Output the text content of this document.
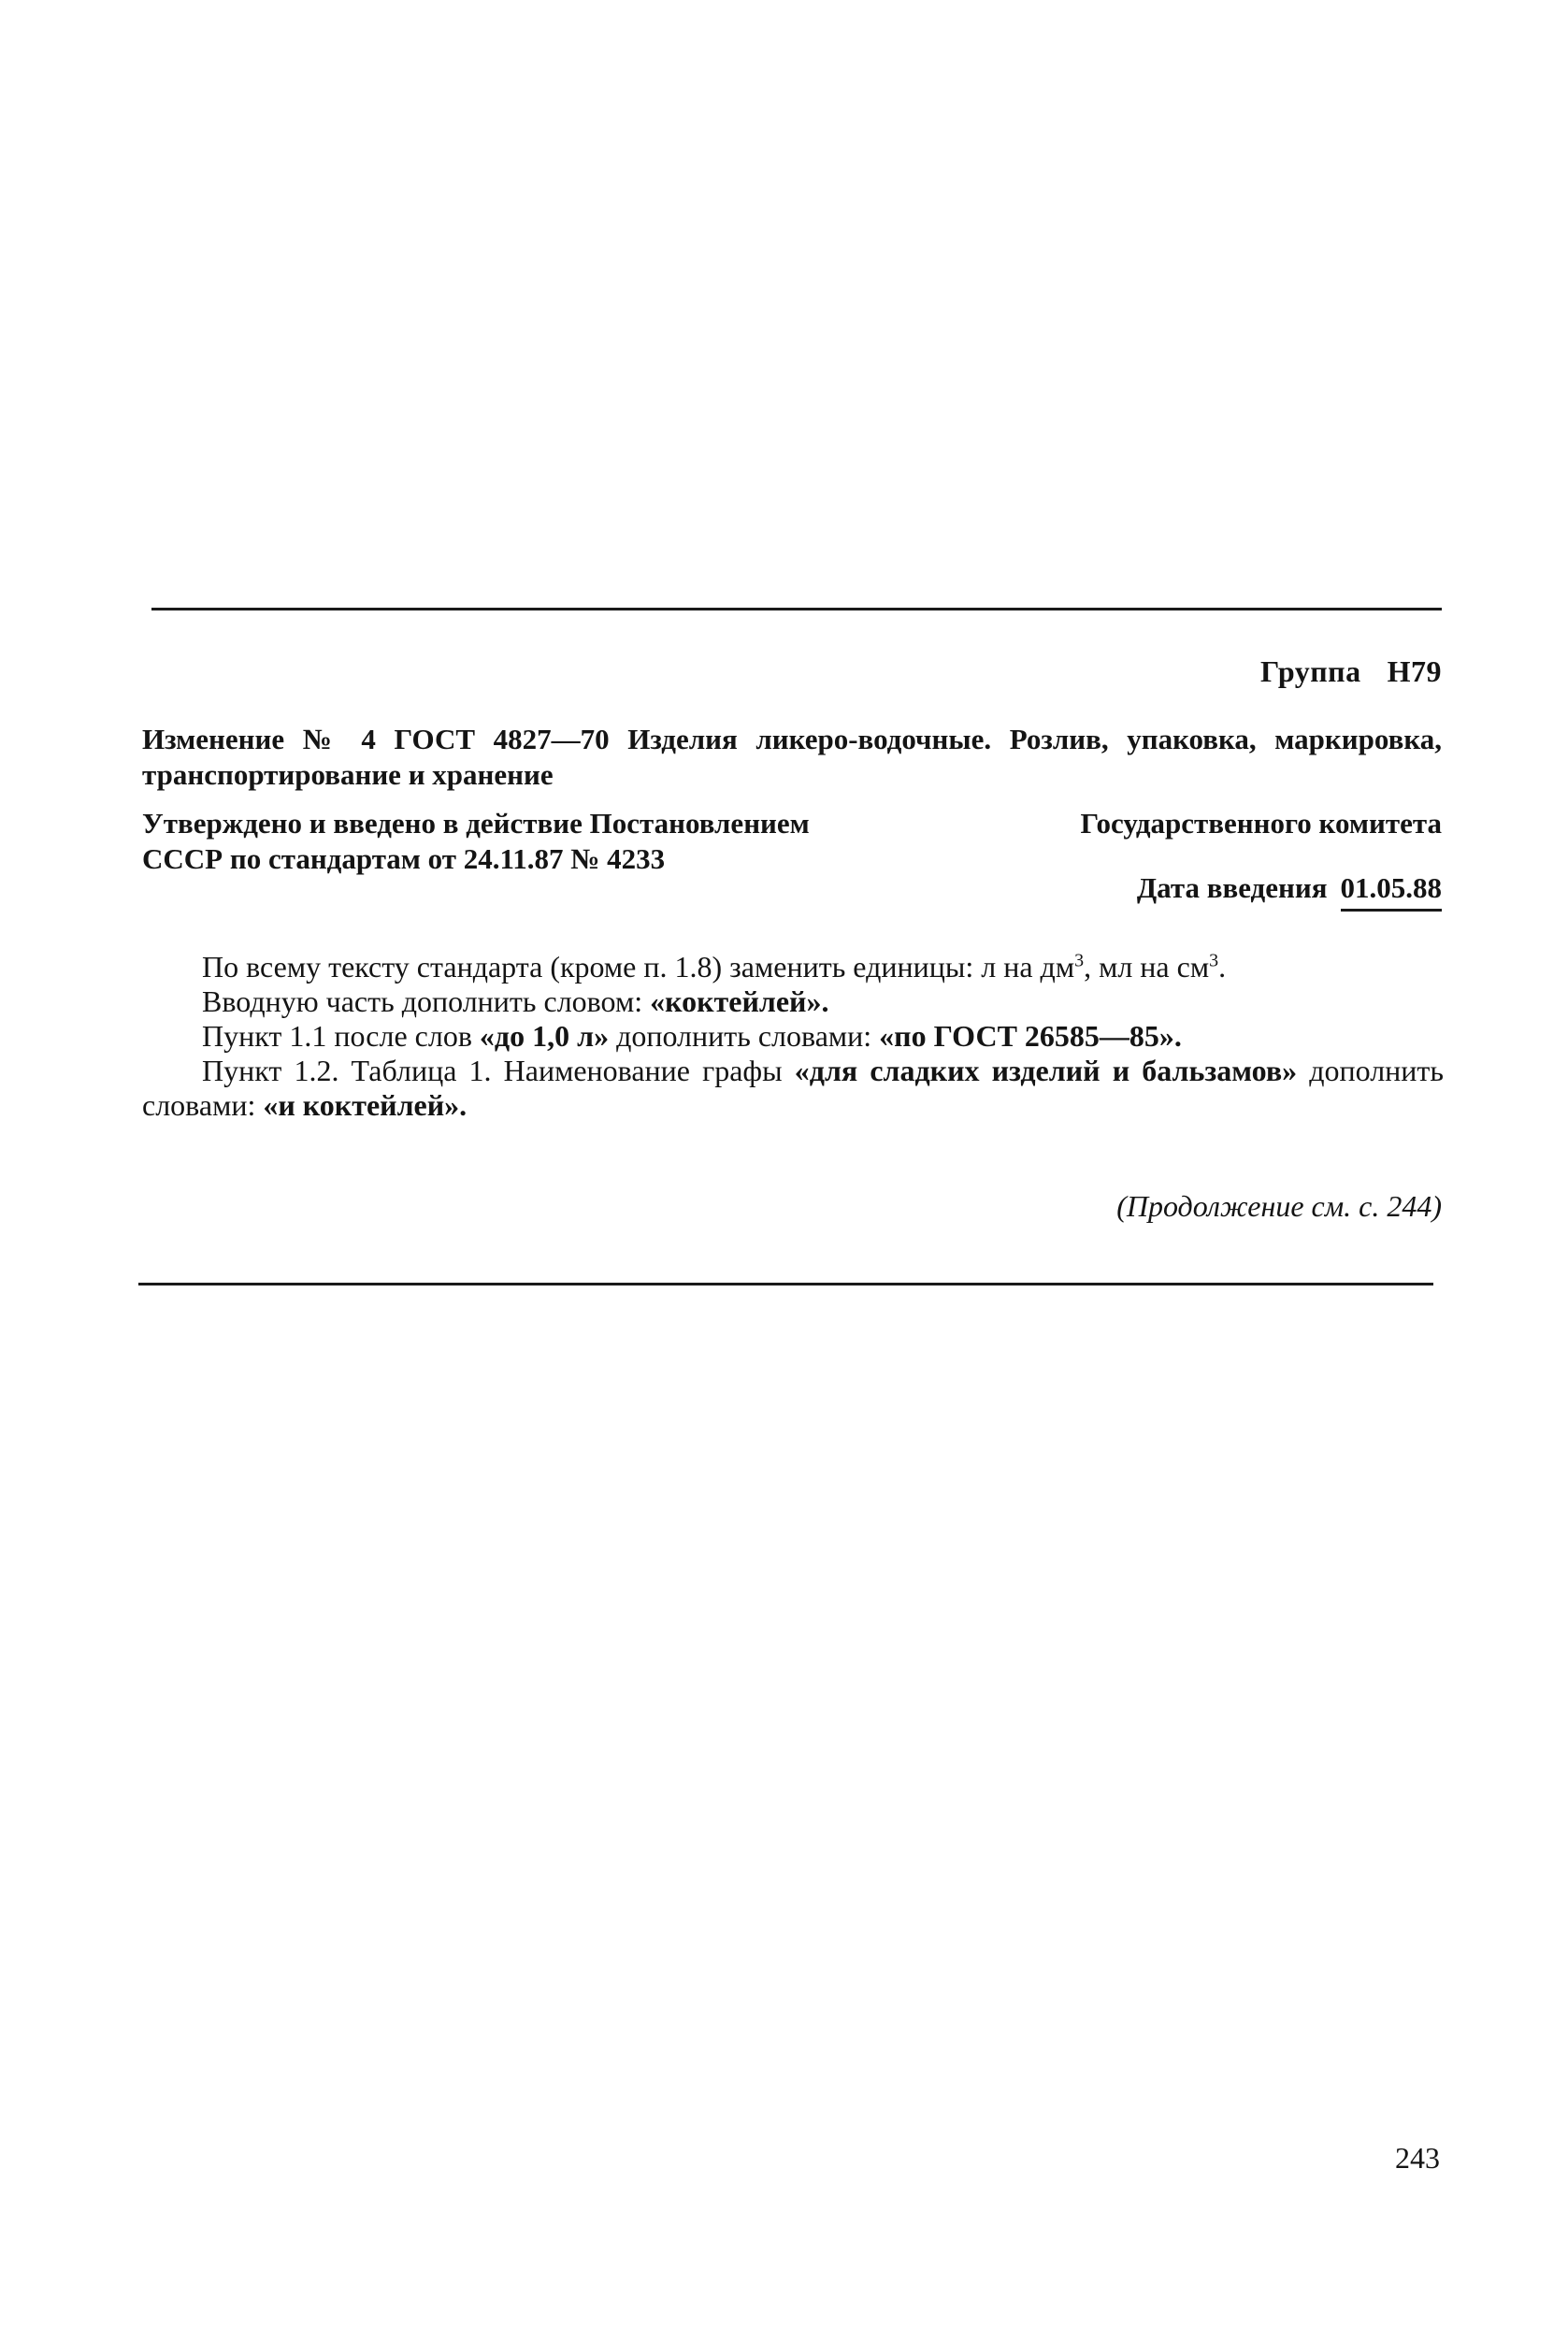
Группа Н79
Изменение № 4 ГОСТ 4827—70 Изделия ликеро-водочные. Розлив, упаковка, маркировка, транспортирование и хранение
Утверждено и введено в действие Постановлением	Государственного комитета
СССР по стандартам от 24.11.87 № 4233
Дата введения 01.05.88

По всему тексту стандарта (кроме п. 1.8) заменить единицы: л на $дм^3$, мл на $см^3$.

Вводную часть дополнить словом: «коктейлей».

Пункт 1.1 после слов «до 1,0 л» дополнить словами: «по ГОСТ 26585—85».

Пункт 1.2. Таблица 1. Наименование графы «для сладких изделий и бальзамов» дополнить словами: «и коктейлей».

(Продолжение см. с. 244)
243
